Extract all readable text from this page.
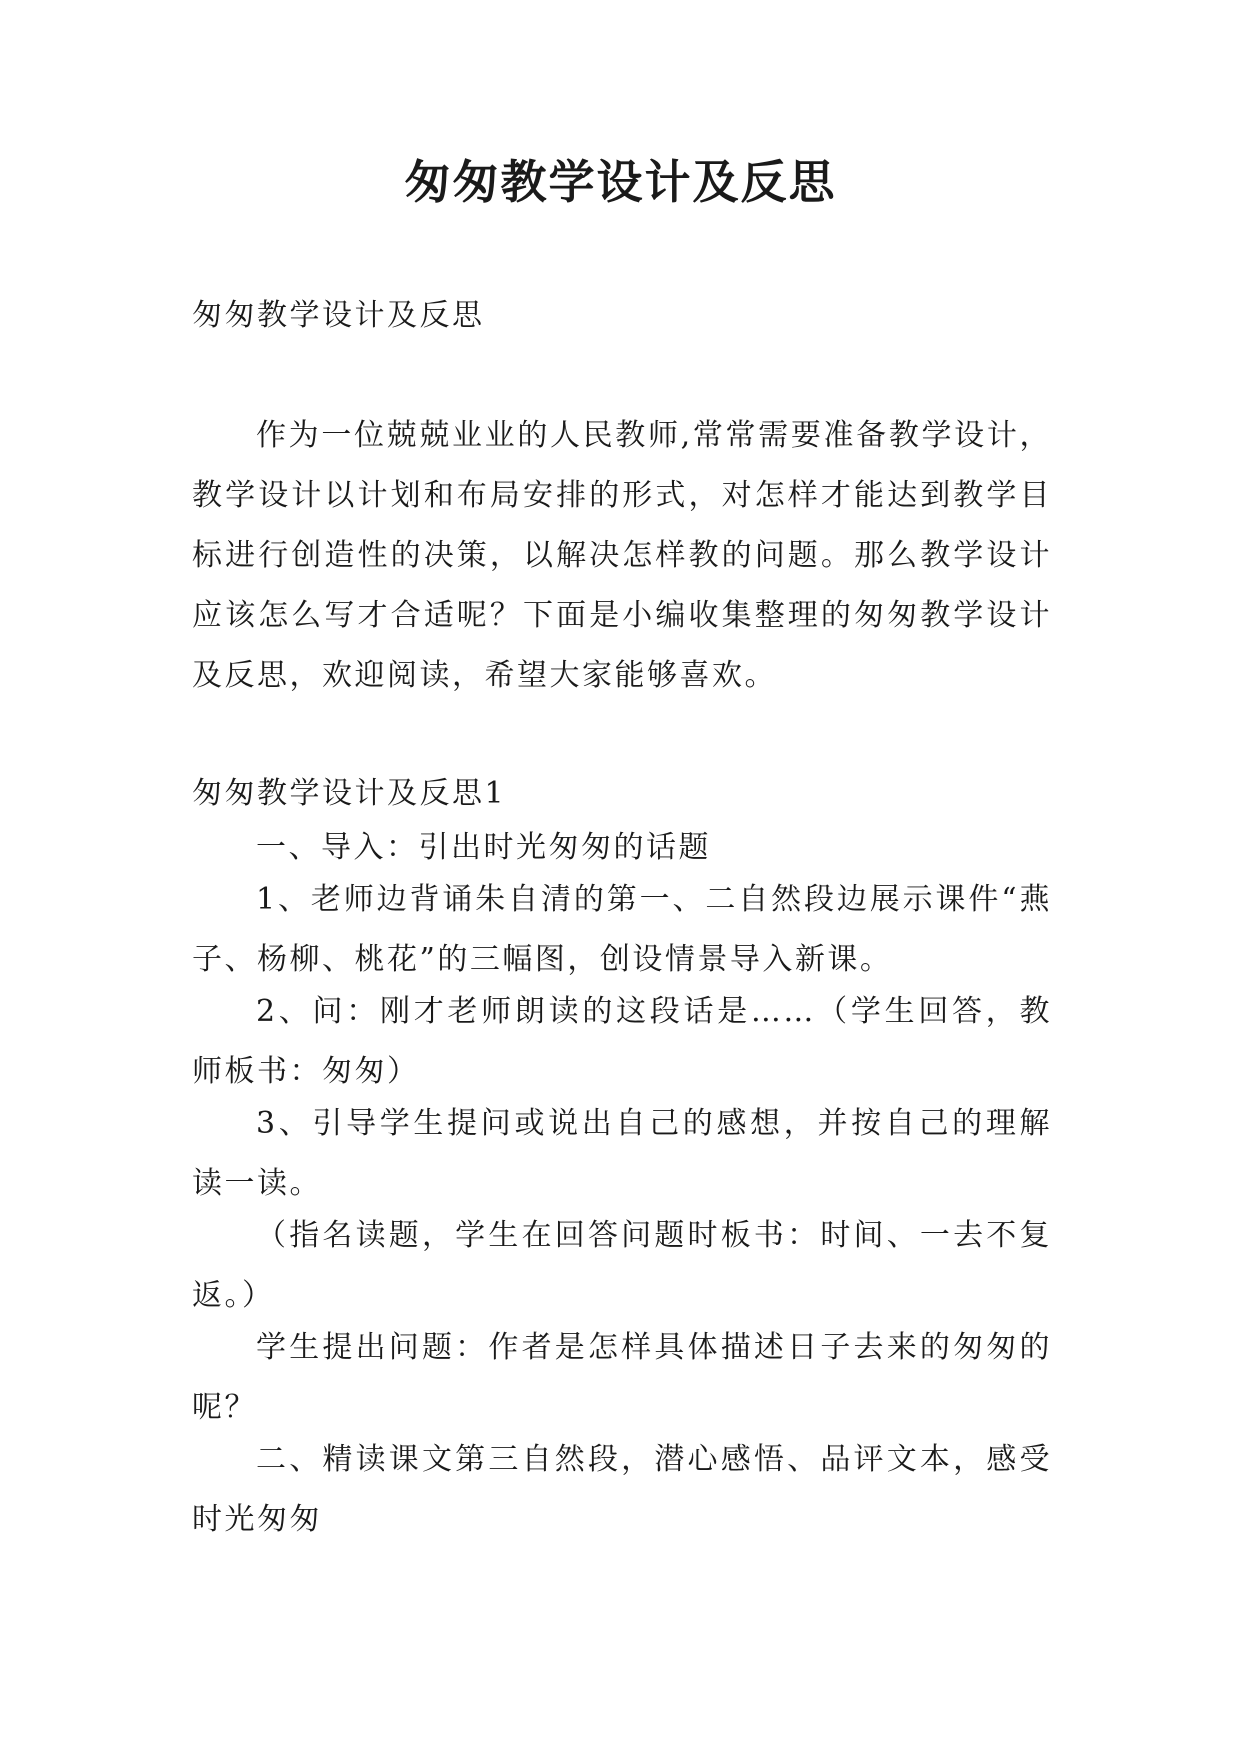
匆匆教学设计及反思

匆匆教学设计及反思

作为一位兢兢业业的人民教师,常常需要准备教学设计，教学设计以计划和布局安排的形式，对怎样才能达到教学目标进行创造性的决策，以解决怎样教的问题。那么教学设计应该怎么写才合适呢？下面是小编收集整理的匆匆教学设计及反思，欢迎阅读，希望大家能够喜欢。

匆匆教学设计及反思1

一、导入：引出时光匆匆的话题

1、老师边背诵朱自清的第一、二自然段边展示课件“燕子、杨柳、桃花”的三幅图，创设情景导入新课。

2、问：刚才老师朗读的这段话是……（学生回答，教师板书：匆匆）

3、引导学生提问或说出自己的感想，并按自己的理解读一读。

（指名读题，学生在回答问题时板书：时间、一去不复返。）

学生提出问题：作者是怎样具体描述日子去来的匆匆的呢？

二、精读课文第三自然段，潜心感悟、品评文本，感受时光匆匆
